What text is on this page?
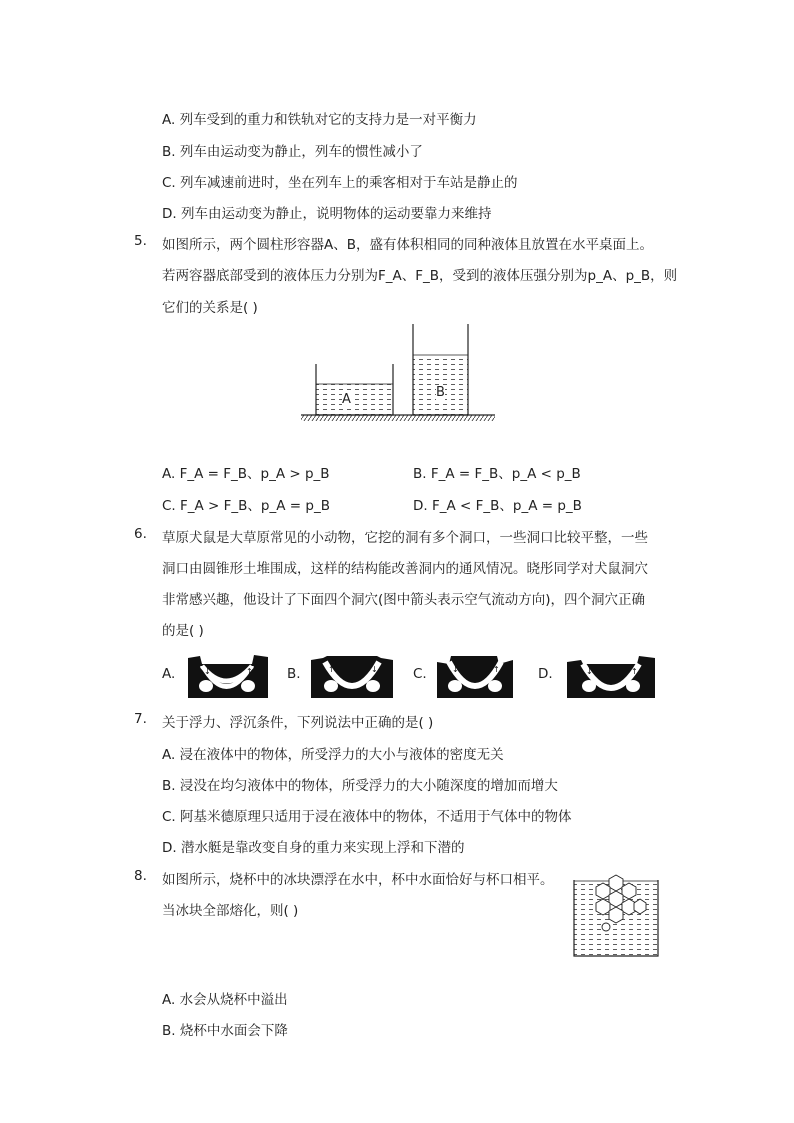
A. 列车受到的重力和铁轨对它的支持力是一对平衡力
B. 列车由运动变为静止，列车的惯性减小了
C. 列车减速前进时，坐在列车上的乘客相对于车站是静止的
D. 列车由运动变为静止，说明物体的运动要靠力来维持
5. 如图所示，两个圆柱形容器A、B，盛有体积相同的同种液体且放置在水平桌面上。
若两容器底部受到的液体压力分别为F_A、F_B，受到的液体压强分别为p_A、p_B，则
它们的关系是( )
A	B
A. F_A = F_B、p_A > p_B	B. F_A = F_B、p_A < p_B
C. F_A > F_B、p_A = p_B	D. F_A < F_B、p_A = p_B
6. 草原犬鼠是大草原常见的小动物，它挖的洞有多个洞口，一些洞口比较平整，一些
洞口由圆锥形土堆围成，这样的结构能改善洞内的通风情况。晓彤同学对犬鼠洞穴
非常感兴趣，他设计了下面四个洞穴(图中箭头表示空气流动方向)，四个洞穴正确
的是( )
A.	↓	↑	B.	↑	↓	C.	↓	↑	D.	↓	↑
7. 关于浮力、浮沉条件，下列说法中正确的是( )
A. 浸在液体中的物体，所受浮力的大小与液体的密度无关
B. 浸没在均匀液体中的物体，所受浮力的大小随深度的增加而增大
C. 阿基米德原理只适用于浸在液体中的物体，不适用于气体中的物体
D. 潜水艇是靠改变自身的重力来实现上浮和下潜的
8. 如图所示，烧杯中的冰块漂浮在水中，杯中水面恰好与杯口相平。
当冰块全部熔化，则( )
A. 水会从烧杯中溢出
B. 烧杯中水面会下降
